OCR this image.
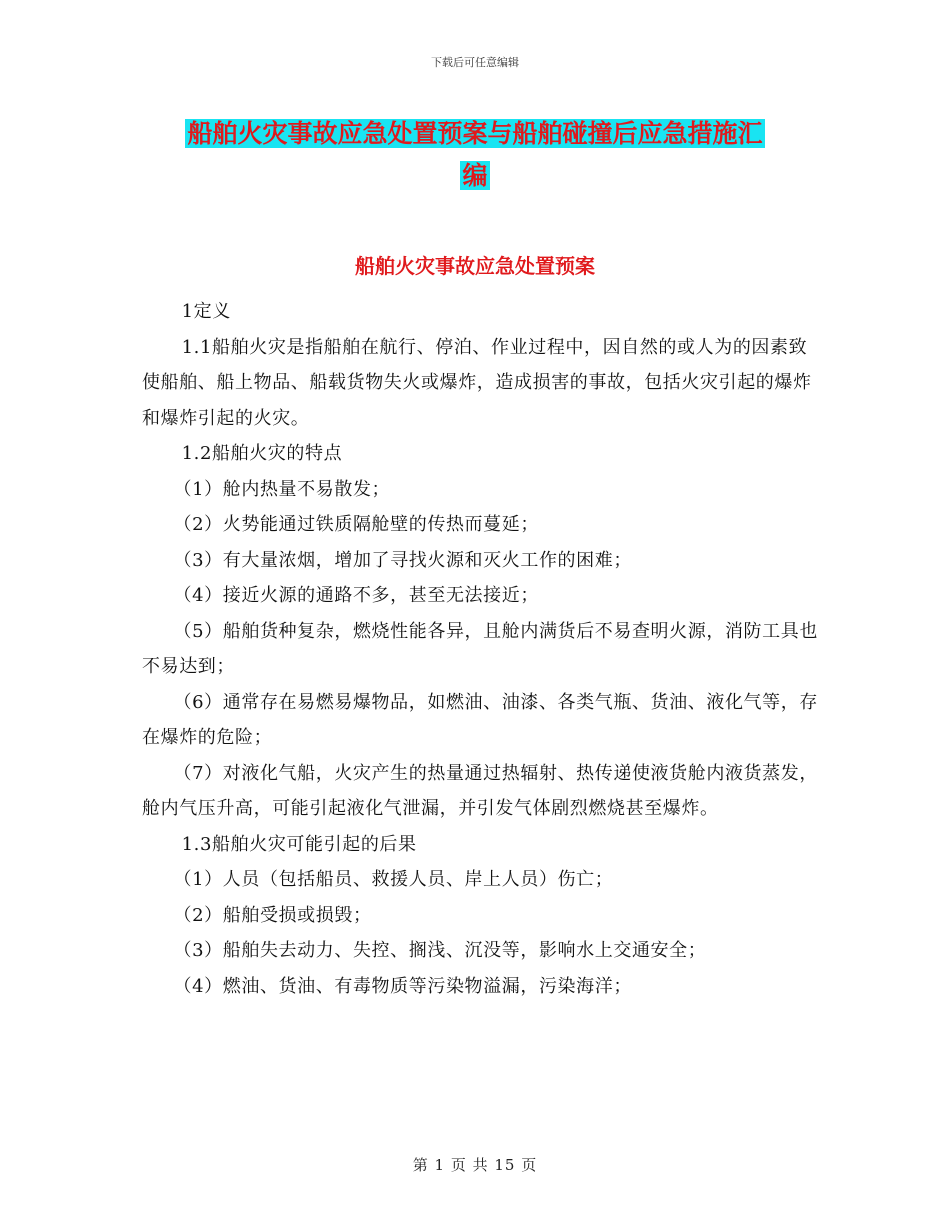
下载后可任意编辑
船舶火灾事故应急处置预案与船舶碰撞后应急措施汇
编
船舶火灾事故应急处置预案

1定义

1.1船舶火灾是指船舶在航行、停泊、作业过程中，因自然的或人为的因素致使船舶、船上物品、船载货物失火或爆炸，造成损害的事故，包括火灾引起的爆炸和爆炸引起的火灾。

1.2船舶火灾的特点

（1）舱内热量不易散发；

（2）火势能通过铁质隔舱壁的传热而蔓延；

（3）有大量浓烟，增加了寻找火源和灭火工作的困难；

（4）接近火源的通路不多，甚至无法接近；

（5）船舶货种复杂，燃烧性能各异，且舱内满货后不易查明火源，消防工具也不易达到；

（6）通常存在易燃易爆物品，如燃油、油漆、各类气瓶、货油、液化气等，存在爆炸的危险；

（7）对液化气船，火灾产生的热量通过热辐射、热传递使液货舱内液货蒸发，舱内气压升高，可能引起液化气泄漏，并引发气体剧烈燃烧甚至爆炸。

1.3船舶火灾可能引起的后果

（1）人员（包括船员、救援人员、岸上人员）伤亡；

（2）船舶受损或损毁；

（3）船舶失去动力、失控、搁浅、沉没等，影响水上交通安全；

（4）燃油、货油、有毒物质等污染物溢漏，污染海洋；

第 1 页 共 15 页
